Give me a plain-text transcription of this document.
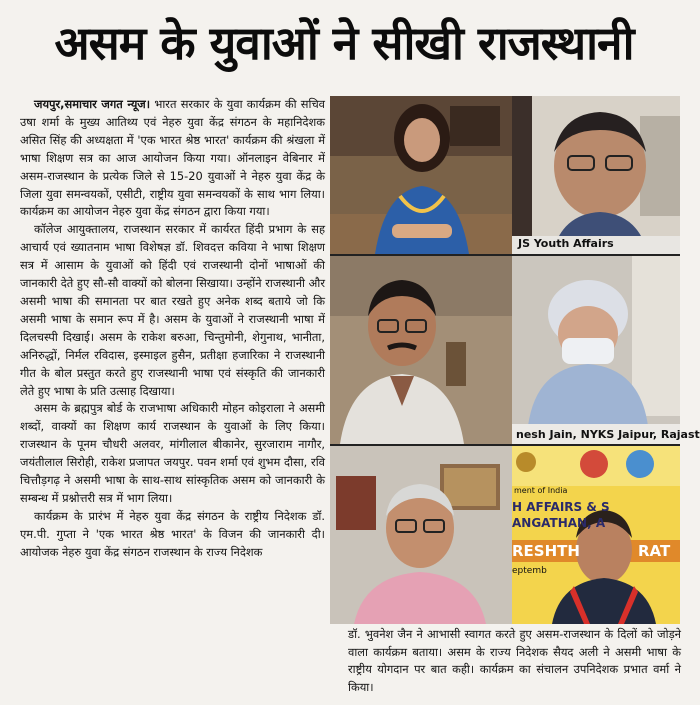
असम के युवाओं ने सीखी राजस्थानी

जयपुर,समाचार जगत न्यूज। भारत सरकार के युवा कार्यक्रम की सचिव उषा शर्मा के मुख्य आतिथ्य एवं नेहरु युवा केंद्र संगठन के महानिदेशक असित सिंह की अध्यक्षता में 'एक भारत श्रेष्ठ भारत' कार्यक्रम की श्रंखला में भाषा शिक्षण सत्र का आज आयोजन किया गया। ऑनलाइन वेबिनार में असम-राजस्थान के प्रत्येक जिले से 15-20 युवाओं ने नेहरु युवा केंद्र के जिला युवा समन्वयकों, एसीटी, राष्ट्रीय युवा समन्वयकों के साथ भाग लिया। कार्यक्रम का आयोजन नेहरु युवा केंद्र संगठन द्वारा किया गया।

कॉलेज आयुक्तालय, राजस्थान सरकार में कार्यरत हिंदी प्रभाग के सह आचार्य एवं ख्यातनाम भाषा विशेषज्ञ डॉ. शिवदत्त कविया ने भाषा शिक्षण सत्र में आसाम के युवाओं को हिंदी एवं राजस्थानी दोनों भाषाओं की जानकारी देते हुए सौ-सौ वाक्यों को बोलना सिखाया। उन्होंने राजस्थानी और असमी भाषा की समानता पर बात रखते हुए अनेक शब्द बताये जो कि असमी भाषा के समान रूप में है। असम के युवाओं ने राजस्थानी भाषा में दिलचस्पी दिखाई। असम के राकेश बरुआ, चिन्तुमोनी, शेगुनाथ, भानीता, अनिरुद्धों, निर्मल रविदास, इस्माइल हुसैन, प्रतीक्षा हजारिका ने राजस्थानी गीत के बोल प्रस्तुत करते हुए राजस्थानी भाषा एवं संस्कृति की जानकारी लेते हुए भाषा के प्रति उत्साह दिखाया।

असम के ब्रह्मपुत्र बोर्ड के राजभाषा अधिकारी मोहन कोइराला ने असमी शब्दों, वाक्यों का शिक्षण कार्य राजस्थान के युवाओं के लिए किया। राजस्थान के पूनम चौधरी अलवर, मांगीलाल बीकानेर, सुरजाराम नागौर, जयंतीलाल सिरोही, राकेश प्रजापत जयपुर. पवन शर्मा एवं शुभम दौसा, रवि चित्तौड़गढ़ ने असमी भाषा के साथ-साथ सांस्कृतिक असम को जानकारी के सम्बन्ध में प्रश्नोत्तरी सत्र में भाग लिया।

कार्यक्रम के प्रारंभ में नेहरु युवा केंद्र संगठन के राष्ट्रीय निदेशक डॉ. एम.पी. गुप्ता ने 'एक भारत श्रेष्ठ भारत' के विजन की जानकारी दी। आयोजक नेहरु युवा केंद्र संगठन राजस्थान के राज्य निदेशक

JS Youth Affairs
nesh Jain, NYKS Jaipur, Rajast
ment of India
H AFFAIRS & S
ANGATHAN, A
RESHTH	RAT
eptemb

डॉ. भुवनेश जैन ने आभासी स्वागत करते हुए असम-राजस्थान के दिलों को जोड़ने वाला कार्यक्रम बताया। असम के राज्य निदेशक सैयद अली ने असमी भाषा के राष्ट्रीय योगदान पर बात कही। कार्यक्रम का संचालन उपनिदेशक प्रभात वर्मा ने किया।
